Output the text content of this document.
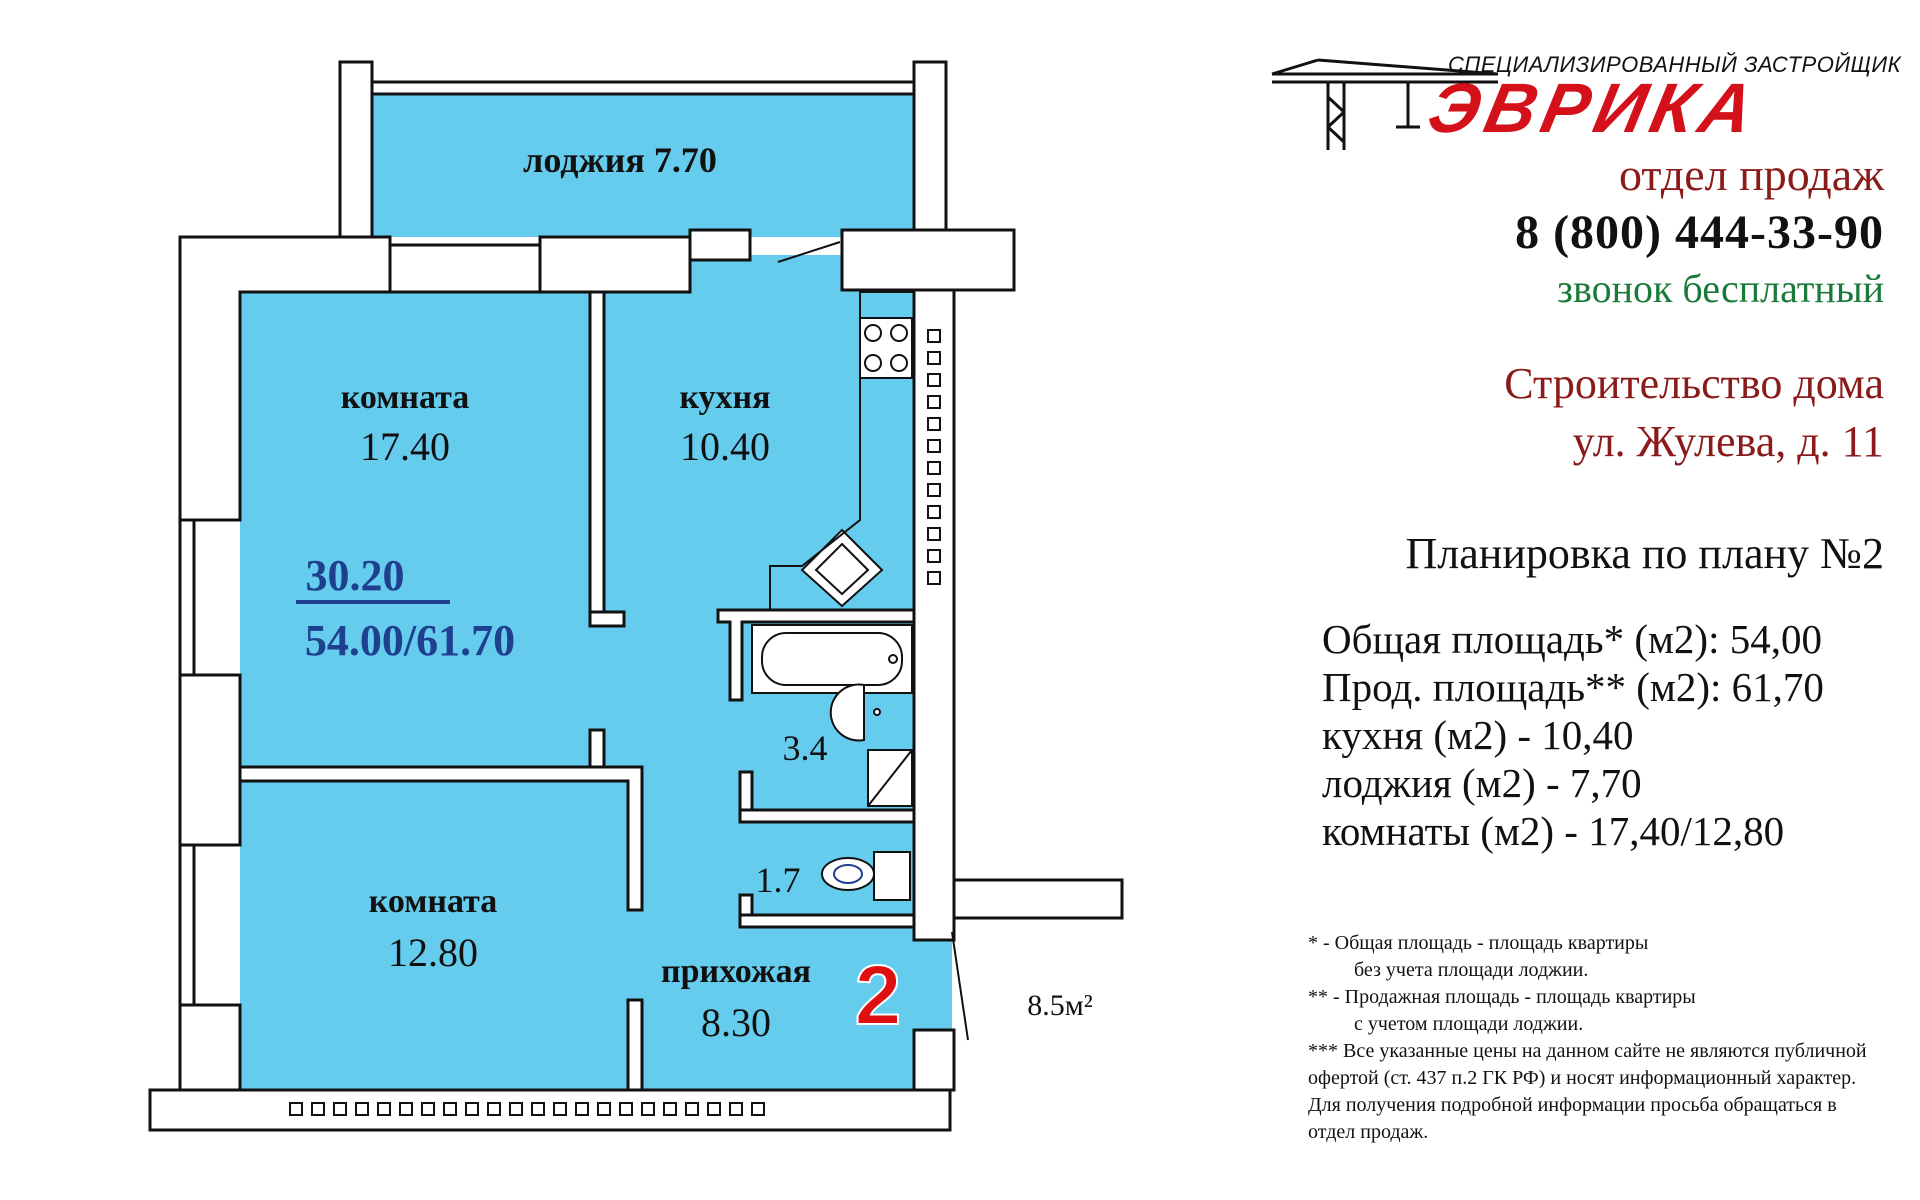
лоджия 7.70
комната
17.40
кухня
10.40
30.20
54.00/61.70
3.4
1.7
комната
12.80	прихожая
8.30 2	8.5м²
СПЕЦИАЛИЗИРОВАННЫЙ ЗАСТРОЙЩИК
ЭВРИКА
отдел продаж
8 (800) 444-33-90
звонок бесплатный
Строительство дома
ул. Жулева, д. 11
Планировка по плану №2
Общая площадь* (м2): 54,00
Прод. площадь** (м2): 61,70
кухня (м2) - 10,40
лоджия (м2) - 7,70
комнаты (м2) - 17,40/12,80
* - Общая площадь - площадь квартиры
без учета площади лоджии.
** - Продажная площадь - площадь квартиры
с учетом площади лоджии.
*** Все указанные цены на данном сайте не являются публичной офертой (ст. 437 п.2 ГК РФ) и носят информационный характер. Для получения подробной информации просьба обращаться в отдел продаж.
